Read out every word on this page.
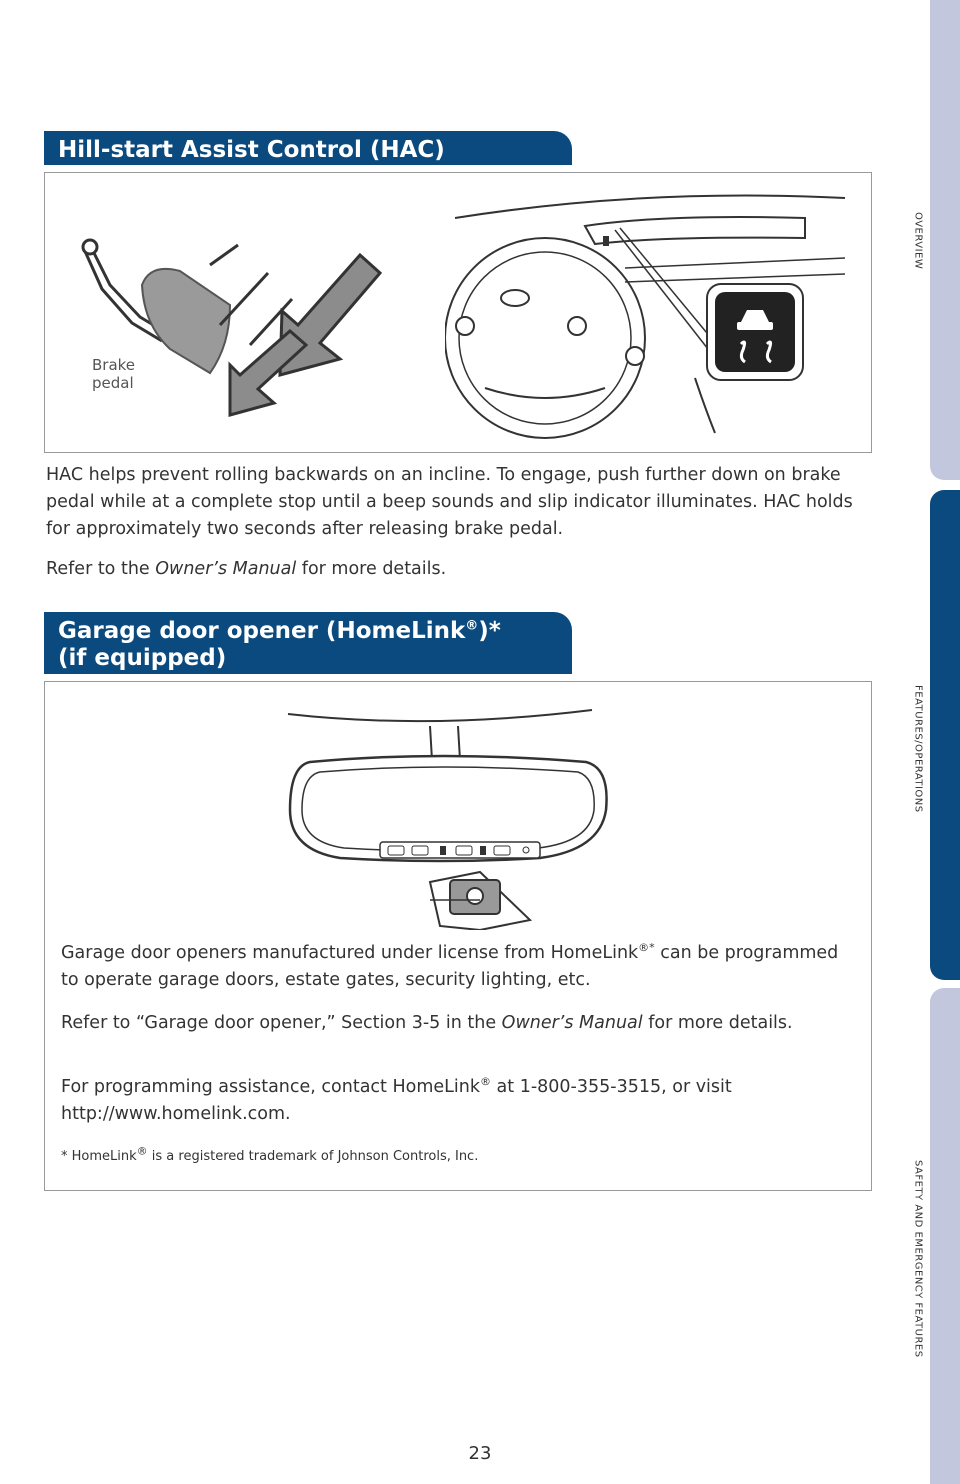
Hill-start Assist Control (HAC)
Brake
pedal

HAC helps prevent rolling backwards on an incline. To engage, push further down on brake pedal while at a complete stop until a beep sounds and slip indicator illuminates. HAC holds for approximately two seconds after releasing brake pedal.

Refer to the Owner’s Manual for more details.

Garage door opener (HomeLink®)*
(if equipped)

Garage door openers manufactured under license from HomeLink®* can be programmed to operate garage doors, estate gates, security lighting, etc.

Refer to “Garage door opener,” Section 3-5 in the Owner’s Manual for more details.

For programming assistance, contact HomeLink® at 1-800-355-3515, or visit http://www.homelink.com.

* HomeLink® is a registered trademark of Johnson Controls, Inc.

OVERVIEW
FEATURES/OPERATIONS
SAFETY AND EMERGENCY FEATURES
23
